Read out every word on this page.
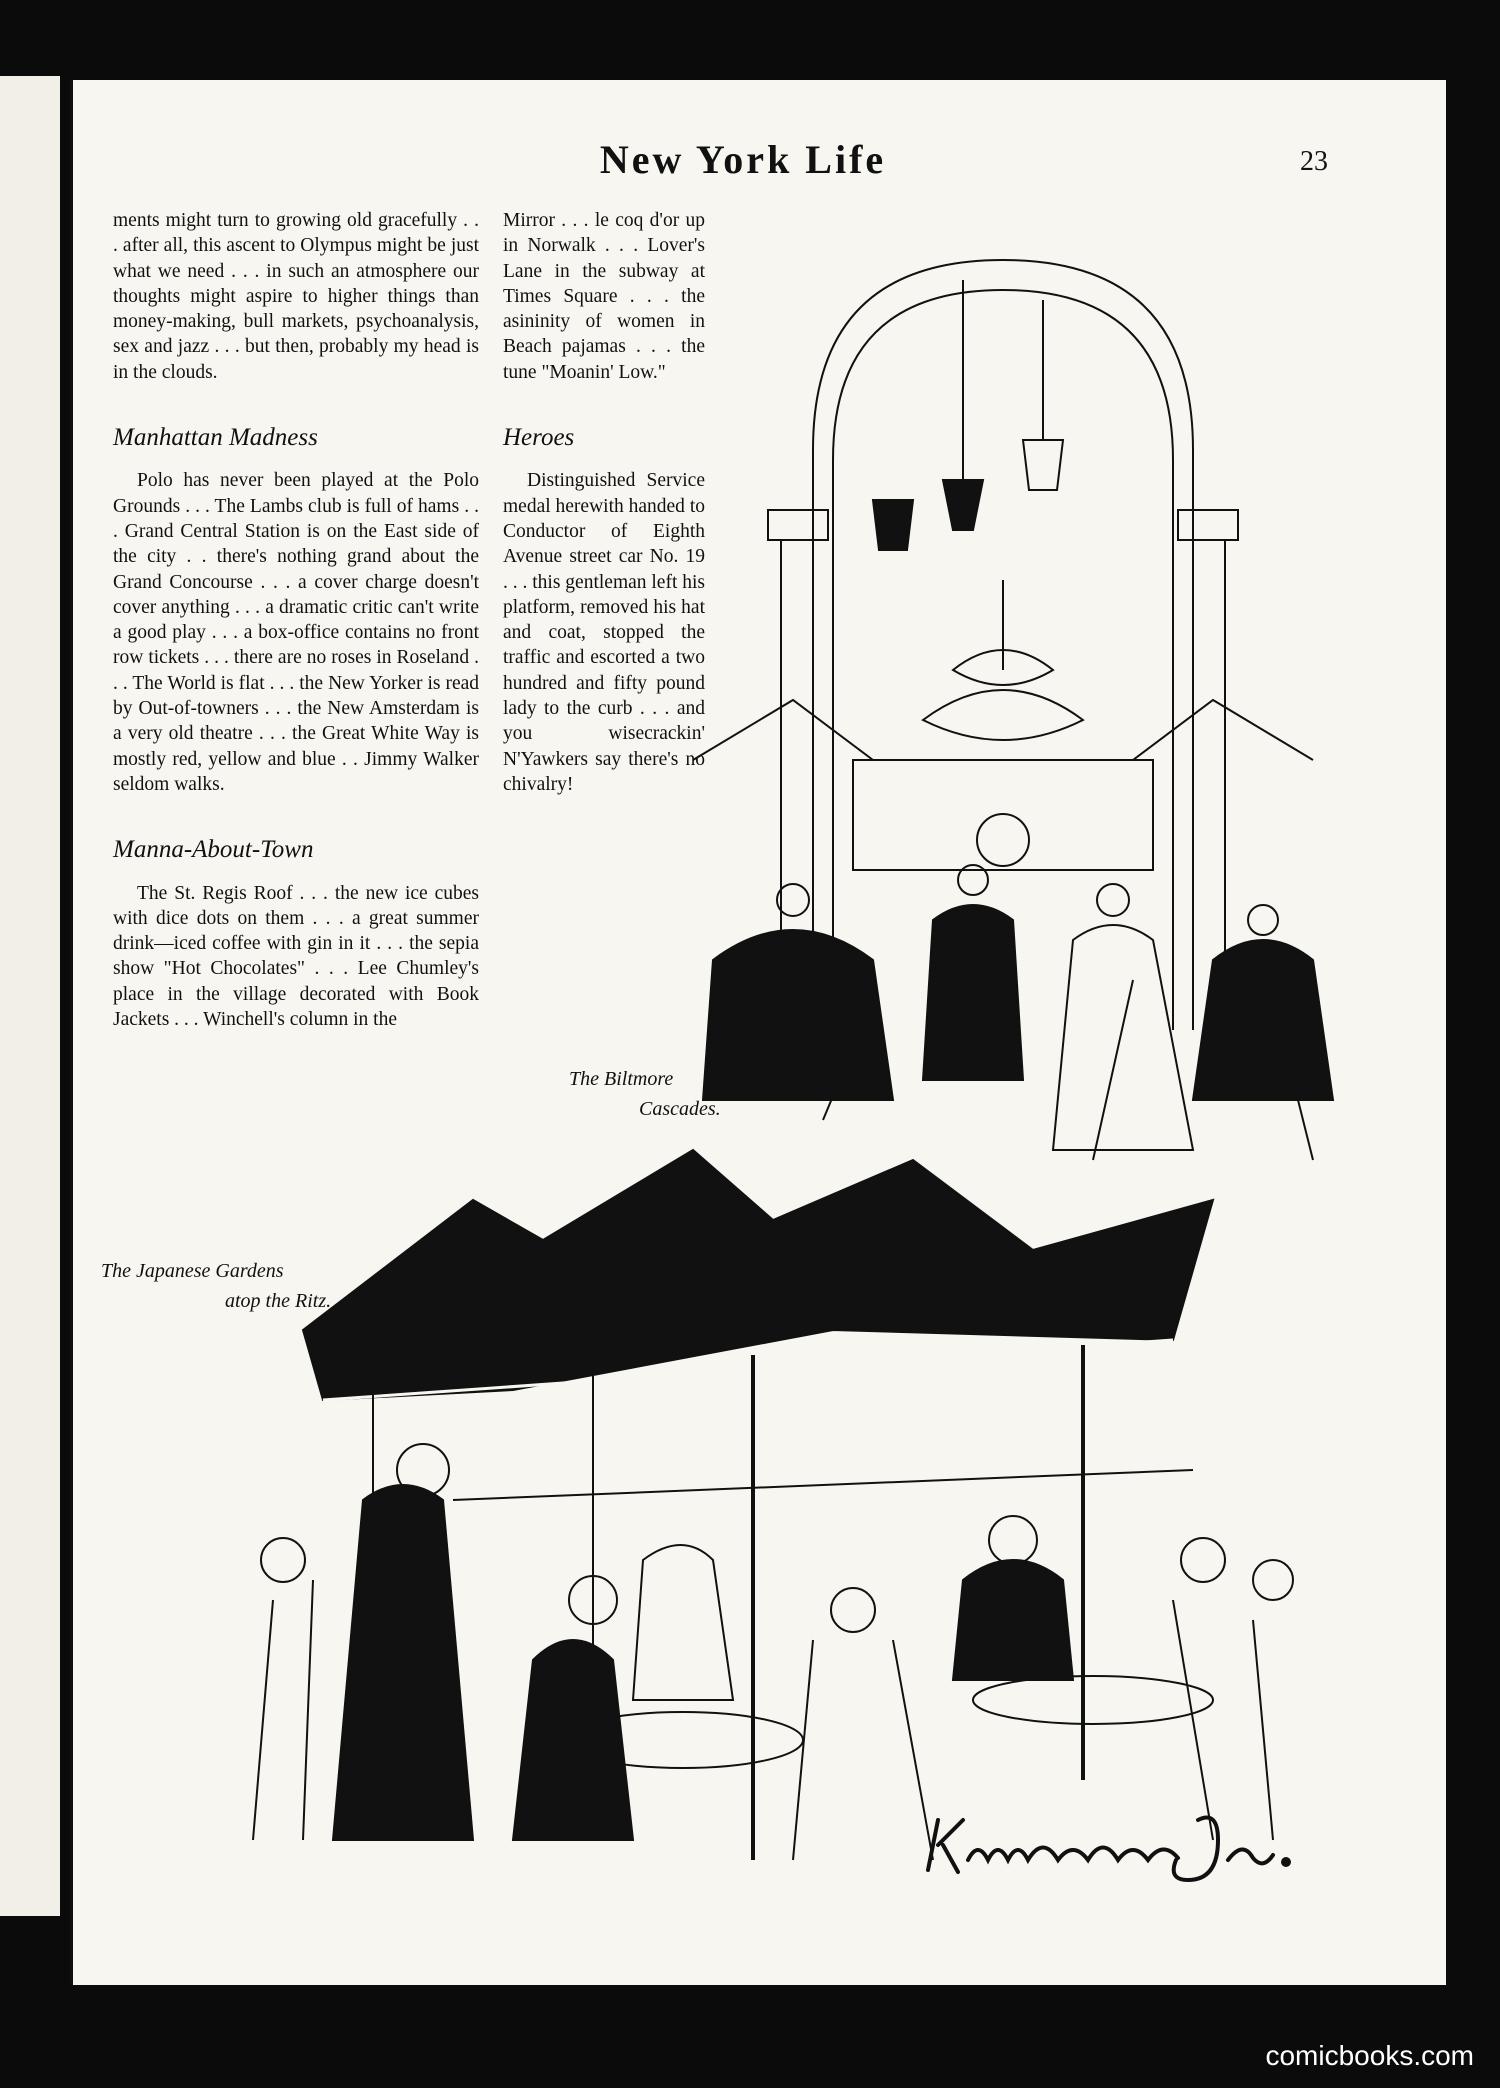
New York Life	23

ments might turn to growing old gracefully . . . after all, this ascent to Olympus might be just what we need . . . in such an atmosphere our thoughts might aspire to higher things than money-making, bull markets, psychoanalysis, sex and jazz . . . but then, probably my head is in the clouds.

Manhattan Madness

Polo has never been played at the Polo Grounds . . . The Lambs club is full of hams . . . Grand Central Station is on the East side of the city . . there's nothing grand about the Grand Concourse . . . a cover charge doesn't cover anything . . . a dramatic critic can't write a good play . . . a box-office contains no front row tickets . . . there are no roses in Roseland . . . The World is flat . . . the New Yorker is read by Out-of-towners . . . the New Amsterdam is a very old theatre . . . the Great White Way is mostly red, yellow and blue . . Jimmy Walker seldom walks.

Manna-About-Town

The St. Regis Roof . . . the new ice cubes with dice dots on them . . . a great summer drink—iced coffee with gin in it . . . the sepia show "Hot Chocolates" . . . Lee Chumley's place in the village decorated with Book Jackets . . . Winchell's column in the

Mirror . . . le coq d'or up in Norwalk . . . Lover's Lane in the subway at Times Square . . . the asininity of women in Beach pajamas . . . the tune "Moanin' Low."

Heroes

Distinguished Service medal herewith handed to Conductor of Eighth Avenue street car No. 19 . . . this gentleman left his platform, removed his hat and coat, stopped the traffic and escorted a two hundred and fifty pound lady to the curb . . . and you wisecrackin' N'Yawkers say there's no chivalry!

The Biltmore
Cascades.
The Japanese Gardens
atop the Ritz.
comicbooks.com
